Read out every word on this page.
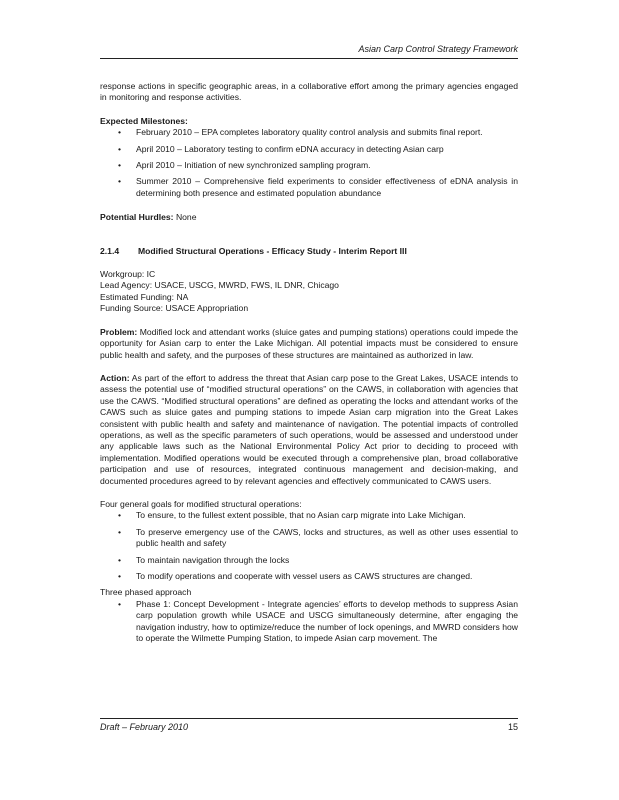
Asian Carp Control Strategy Framework

response actions in specific geographic areas, in a collaborative effort among the primary agencies engaged in monitoring and response activities.

Expected Milestones:
• February 2010 – EPA completes laboratory quality control analysis and submits final report.
• April 2010 – Laboratory testing to confirm eDNA accuracy in detecting Asian carp
• April 2010 – Initiation of new synchronized sampling program.
• Summer 2010 – Comprehensive field experiments to consider effectiveness of eDNA analysis in determining both presence and estimated population abundance
Potential Hurdles: None
2.1.4	Modified Structural Operations - Efficacy Study - Interim Report III
Workgroup: IC
Lead Agency: USACE, USCG, MWRD, FWS, IL DNR, Chicago
Estimated Funding: NA
Funding Source: USACE Appropriation

Problem: Modified lock and attendant works (sluice gates and pumping stations) operations could impede the opportunity for Asian carp to enter the Lake Michigan. All potential impacts must be considered to ensure public health and safety, and the purposes of these structures are maintained as authorized in law.

Action: As part of the effort to address the threat that Asian carp pose to the Great Lakes, USACE intends to assess the potential use of “modified structural operations” on the CAWS, in collaboration with agencies that use the CAWS. “Modified structural operations” are defined as operating the locks and attendant works of the CAWS such as sluice gates and pumping stations to impede Asian carp migration into the Great Lakes consistent with public health and safety and maintenance of navigation. The potential impacts of controlled operations, as well as the specific parameters of such operations, would be assessed and understood under any applicable laws such as the National Environmental Policy Act prior to deciding to proceed with implementation. Modified operations would be executed through a comprehensive plan, broad collaborative participation and use of resources, integrated continuous management and decision-making, and documented procedures agreed to by relevant agencies and effectively communicated to CAWS users.

Four general goals for modified structural operations:
• To ensure, to the fullest extent possible, that no Asian carp migrate into Lake Michigan.
• To preserve emergency use of the CAWS, locks and structures, as well as other uses essential to public health and safety
• To maintain navigation through the locks
• To modify operations and cooperate with vessel users as CAWS structures are changed.
Three phased approach
• Phase 1: Concept Development - Integrate agencies’ efforts to develop methods to suppress Asian carp population growth while USACE and USCG simultaneously determine, after engaging the navigation industry, how to optimize/reduce the number of lock openings, and MWRD considers how to operate the Wilmette Pumping Station, to impede Asian carp movement. The
Draft – February 2010	15
